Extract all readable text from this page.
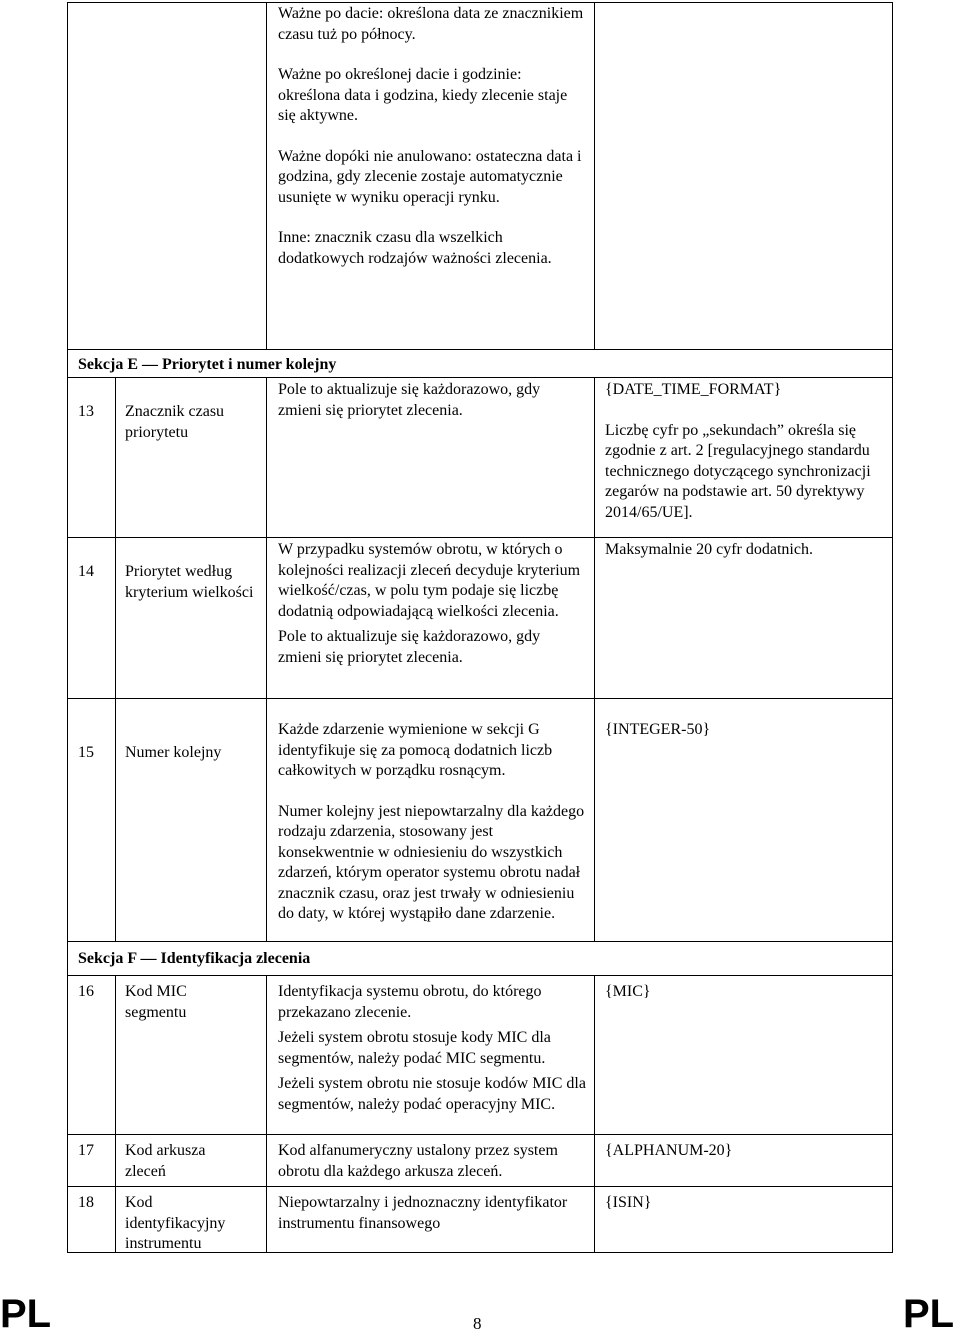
Ważne po dacie: określona data ze znacznikiem czasu tuż po północy.

Ważne po określonej dacie i godzinie: określona data i godzina, kiedy zlecenie staje się aktywne.

Ważne dopóki nie anulowano: ostateczna data i godzina, gdy zlecenie zostaje automatycznie usunięte w wyniku operacji rynku.

Inne: znacznik czasu dla wszelkich dodatkowych rodzajów ważności zlecenia.

Sekcja E — Priorytet i numer kolejny
13 Znacznik czasu priorytetu

Pole to aktualizuje się każdorazowo, gdy zmieni się priorytet zlecenia.

{DATE_TIME_FORMAT}

Liczbę cyfr po „sekundach” określa się zgodnie z art. 2 [regulacyjnego standardu technicznego dotyczącego synchronizacji zegarów na podstawie art. 50 dyrektywy 2014/65/UE].

14 Priorytet według kryterium wielkości

W przypadku systemów obrotu, w których o kolejności realizacji zleceń decyduje kryterium wielkość/czas, w polu tym podaje się liczbę dodatnią odpowiadającą wielkości zlecenia.

Pole to aktualizuje się każdorazowo, gdy zmieni się priorytet zlecenia.

Maksymalnie 20 cyfr dodatnich.

15 Numer kolejny

Każde zdarzenie wymienione w sekcji G identyfikuje się za pomocą dodatnich liczb całkowitych w porządku rosnącym.

Numer kolejny jest niepowtarzalny dla każdego rodzaju zdarzenia, stosowany jest konsekwentnie w odniesieniu do wszystkich zdarzeń, którym operator systemu obrotu nadał znacznik czasu, oraz jest trwały w odniesieniu do daty, w której wystąpiło dane zdarzenie.

{INTEGER-50}

Sekcja F — Identyfikacja zlecenia
16 Kod MIC segmentu

Identyfikacja systemu obrotu, do którego przekazano zlecenie.

Jeżeli system obrotu stosuje kody MIC dla segmentów, należy podać MIC segmentu.

Jeżeli system obrotu nie stosuje kodów MIC dla segmentów, należy podać operacyjny MIC.

{MIC}

17 Kod arkusza zleceń

Kod alfanumeryczny ustalony przez system obrotu dla każdego arkusza zleceń.

{ALPHANUM-20}

18 Kod identyfikacyjny instrumentu

Niepowtarzalny i jednoznaczny identyfikator instrumentu finansowego

{ISIN}

PL	8	PL
